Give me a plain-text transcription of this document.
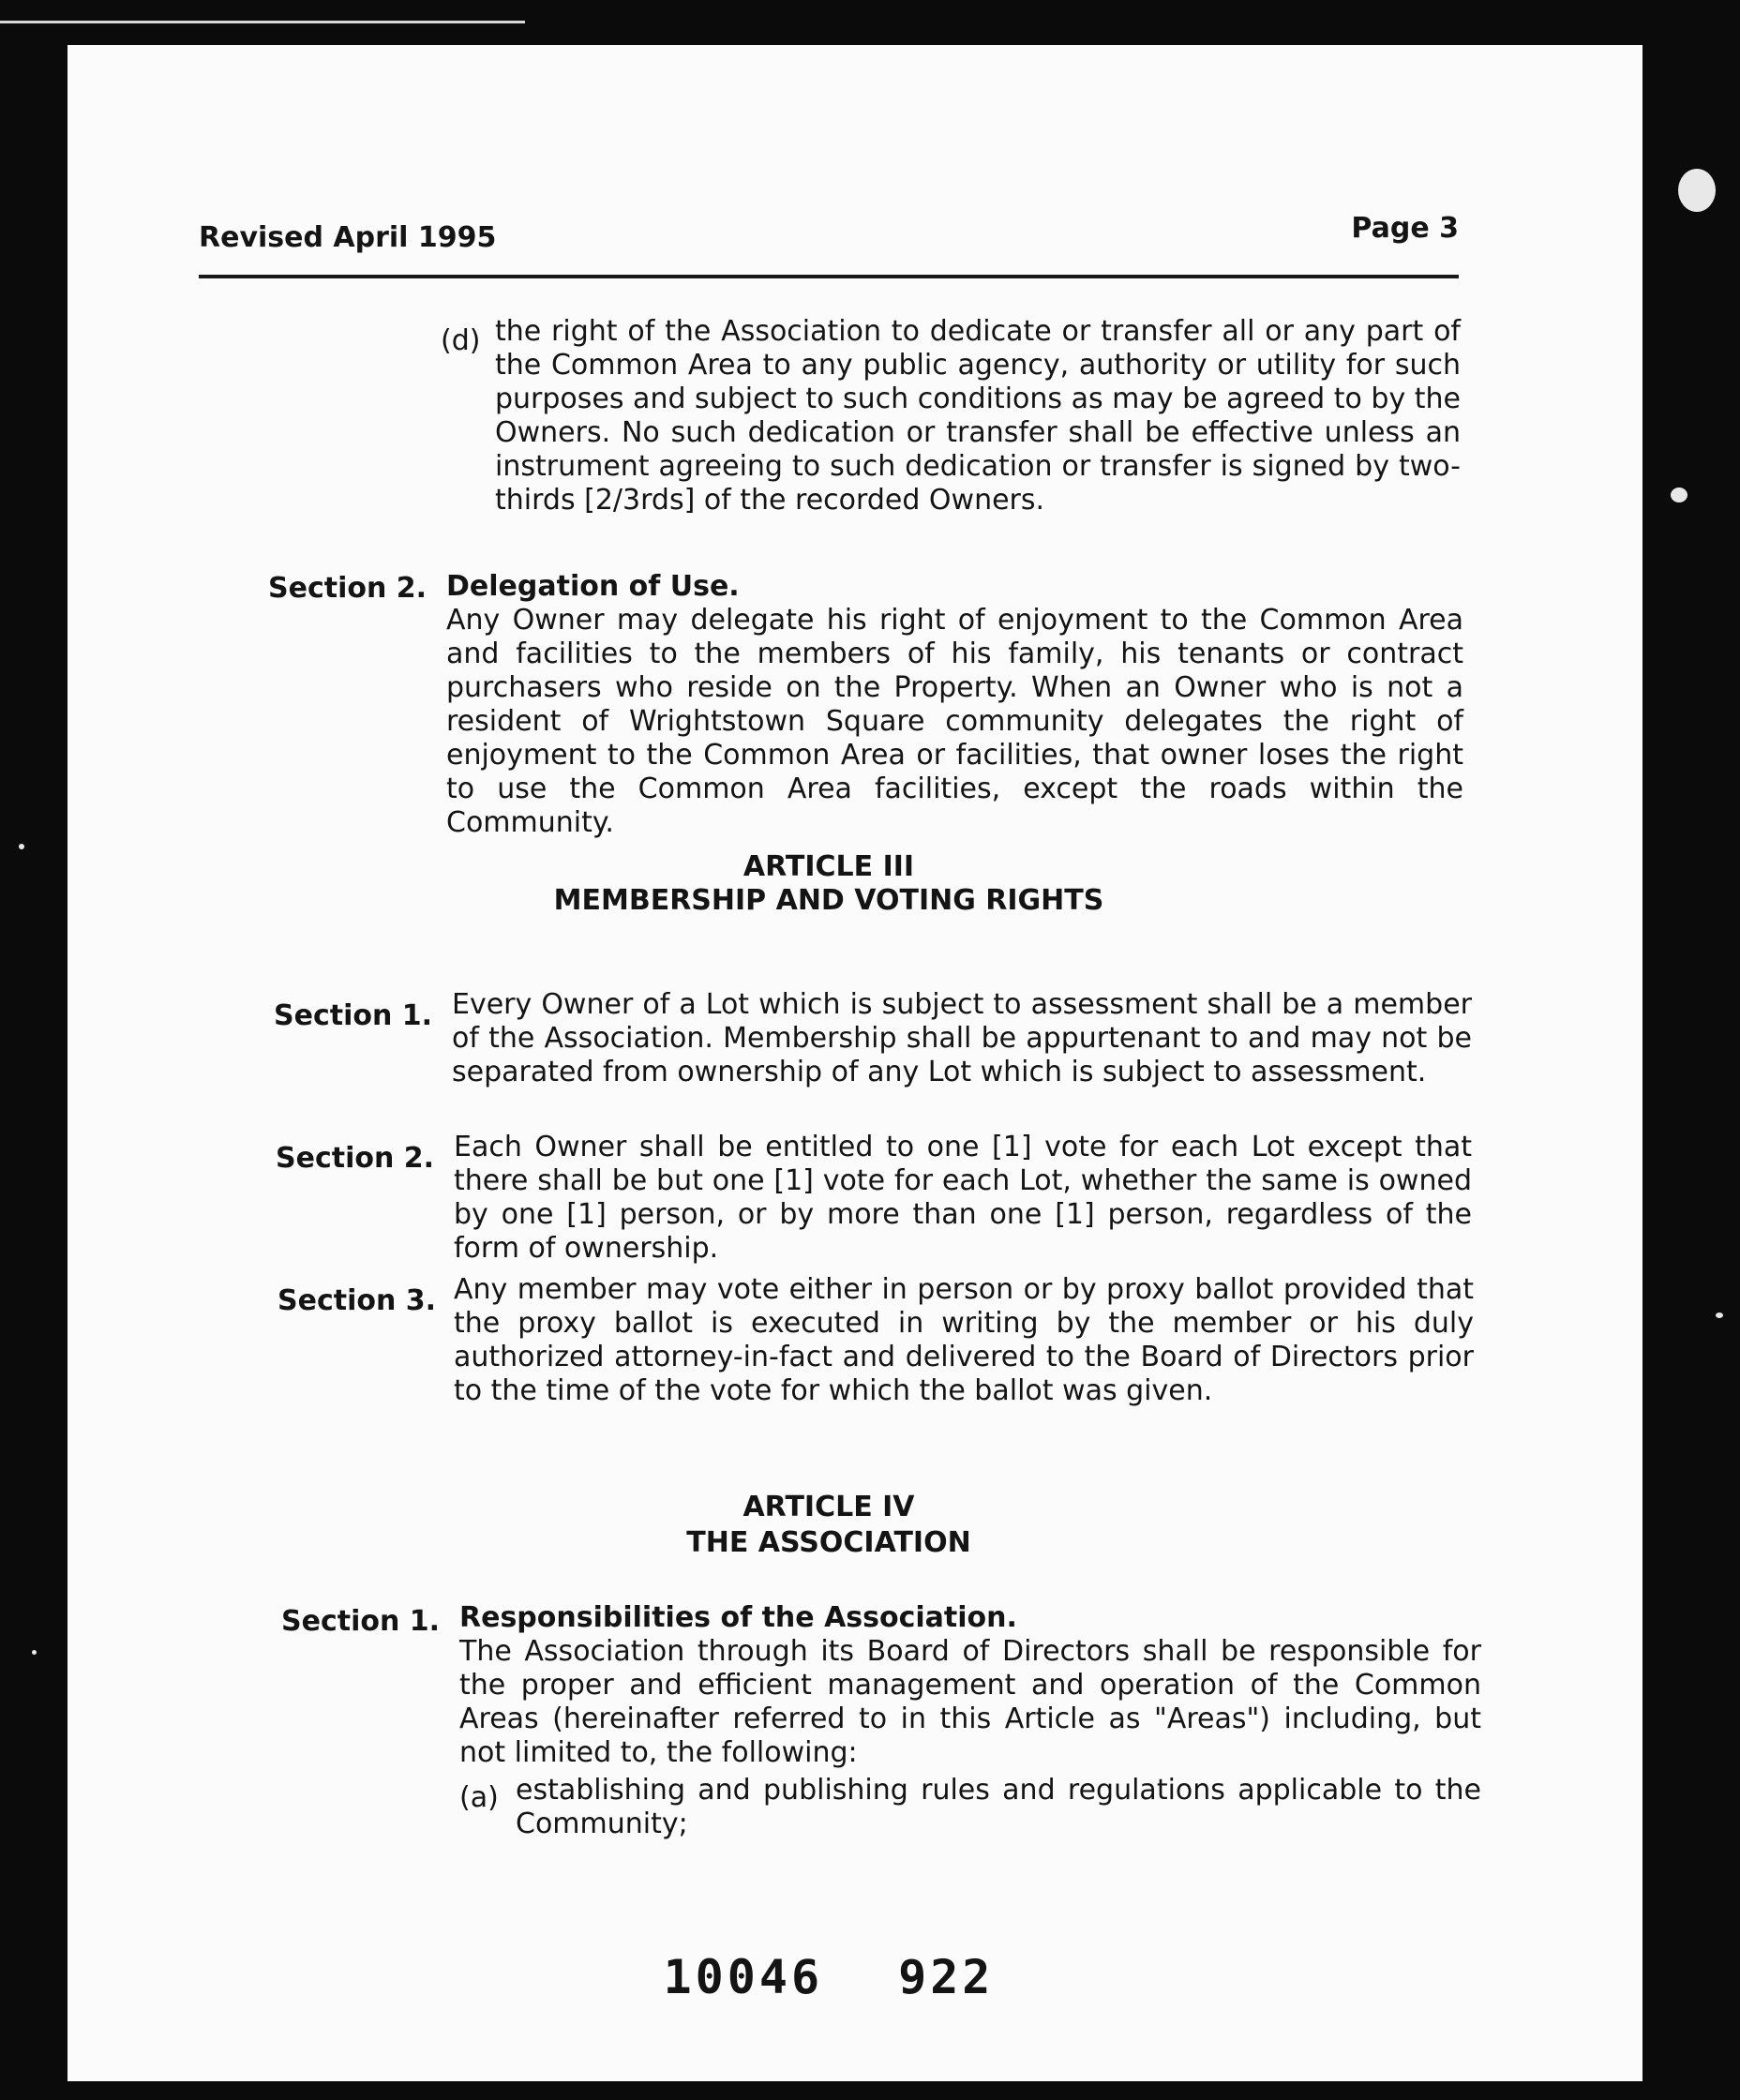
Revised April 1995	Page 3
(d) the right of the Association to dedicate or transfer all or any part of the Common Area to any public agency, authority or utility for such purposes and subject to such conditions as may be agreed to by the Owners. No such dedication or transfer shall be effective unless an instrument agreeing to such dedication or transfer is signed by two-thirds [2/3rds] of the recorded Owners.
Section 2. Delegation of Use.
Any Owner may delegate his right of enjoyment to the Common Area and facilities to the members of his family, his tenants or contract purchasers who reside on the Property. When an Owner who is not a resident of Wrightstown Square community delegates the right of enjoyment to the Common Area or facilities, that owner loses the right to use the Common Area facilities, except the roads within the Community.
ARTICLE III
MEMBERSHIP AND VOTING RIGHTS
Section 1. Every Owner of a Lot which is subject to assessment shall be a member of the Association. Membership shall be appurtenant to and may not be separated from ownership of any Lot which is subject to assessment.
Section 2. Each Owner shall be entitled to one [1] vote for each Lot except that there shall be but one [1] vote for each Lot, whether the same is owned by one [1] person, or by more than one [1] person, regardless of the form of ownership.
Section 3. Any member may vote either in person or by proxy ballot provided that the proxy ballot is executed in writing by the member or his duly authorized attorney-in-fact and delivered to the Board of Directors prior to the time of the vote for which the ballot was given.
ARTICLE IV
THE ASSOCIATION
Section 1. Responsibilities of the Association.
The Association through its Board of Directors shall be responsible for the proper and efficient management and operation of the Common Areas (hereinafter referred to in this Article as "Areas") including, but not limited to, the following:
(a) establishing and publishing rules and regulations applicable to the Community;
10046 922
